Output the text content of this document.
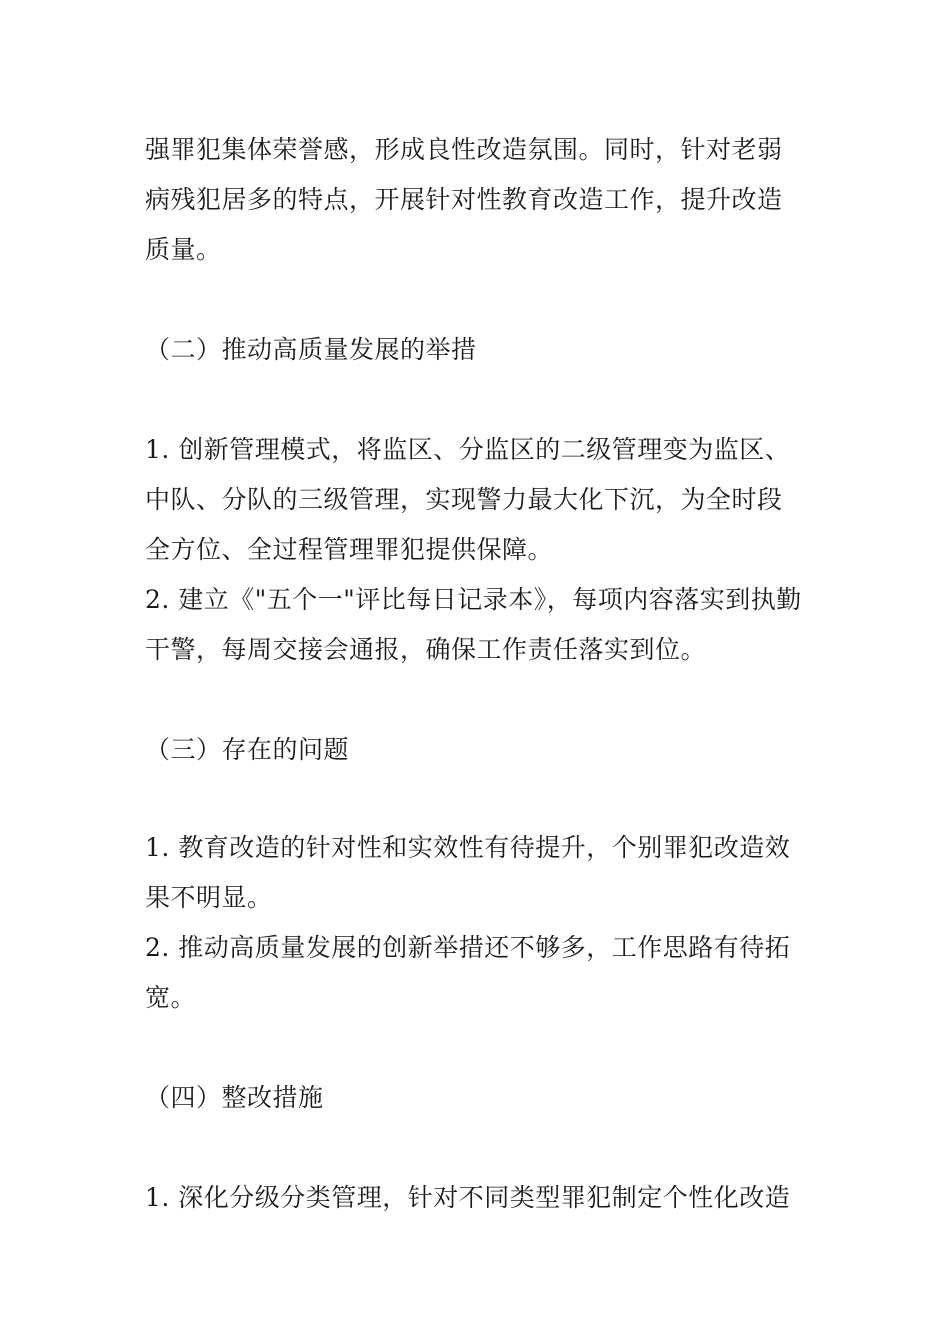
强罪犯集体荣誉感，形成良性改造氛围。同时，针对老弱
病残犯居多的特点，开展针对性教育改造工作，提升改造
质量。
（二）推动高质量发展的举措
1. 创新管理模式，将监区、分监区的二级管理变为监区、
中队、分队的三级管理，实现警力最大化下沉，为全时段
全方位、全过程管理罪犯提供保障。
2. 建立《"五个一"评比每日记录本》，每项内容落实到执勤
干警，每周交接会通报，确保工作责任落实到位。
（三）存在的问题
1. 教育改造的针对性和实效性有待提升，个别罪犯改造效
果不明显。
2. 推动高质量发展的创新举措还不够多，工作思路有待拓
宽。
（四）整改措施
1. 深化分级分类管理，针对不同类型罪犯制定个性化改造
